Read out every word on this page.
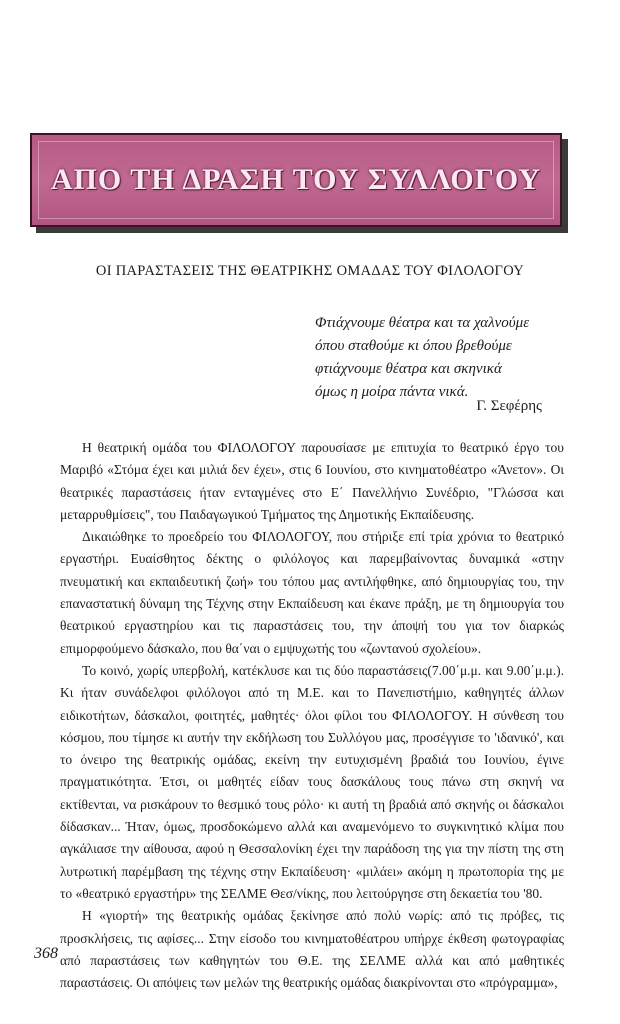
ΑΠΟ ΤΗ ΔΡΑΣΗ ΤΟΥ ΣΥΛΛΟΓΟΥ
ΟΙ ΠΑΡΑΣΤΑΣΕΙΣ ΤΗΣ ΘΕΑΤΡΙΚΗΣ ΟΜΑΔΑΣ ΤΟΥ ΦΙΛΟΛΟΓΟΥ
Φτιάχνουμε θέατρα και τα χαλνούμε
όπου σταθούμε κι όπου βρεθούμε
φτιάχνουμε θέατρα και σκηνικά
όμως η μοίρα πάντα νικά.
Γ. Σεφέρης

Η θεατρική ομάδα του ΦΙΛΟΛΟΓΟΥ παρουσίασε με επιτυχία το θεατρικό έργο του Μαριβό «Στόμα έχει και μιλιά δεν έχει», στις 6 Ιουνίου, στο κινηματοθέατρο «Άνετον». Οι θεατρικές παραστάσεις ήταν ενταγμένες στο Ε΄ Πανελλήνιο Συνέδριο, "Γλώσσα και μεταρρυθμίσεις", του Παιδαγωγικού Τμήματος της Δημοτικής Εκπαίδευσης.

Δικαιώθηκε το προεδρείο του ΦΙΛΟΛΟΓΟΥ, που στήριξε επί τρία χρόνια το θεατρικό εργαστήρι. Ευαίσθητος δέκτης ο φιλόλογος και παρεμβαίνοντας δυναμικά «στην πνευματική και εκπαιδευτική ζωή» του τόπου μας αντιλήφθηκε, από δημιουργίας του, την επαναστατική δύναμη της Τέχνης στην Εκπαίδευση και έκανε πράξη, με τη δημιουργία του θεατρικού εργαστηρίου και τις παραστάσεις του, την άποψή του για τον διαρκώς επιμορφούμενο δάσκαλο, που θα΄ναι ο εμψυχωτής του «ζωντανού σχολείου».

Το κοινό, χωρίς υπερβολή, κατέκλυσε και τις δύο παραστάσεις(7.00΄μ.μ. και 9.00΄μ.μ.). Κι ήταν συνάδελφοι φιλόλογοι από τη Μ.Ε. και το Πανεπιστήμιο, καθηγητές άλλων ειδικοτήτων, δάσκαλοι, φοιτητές, μαθητές· όλοι φίλοι του ΦΙΛΟΛΟΓΟΥ. Η σύνθεση του κόσμου, που τίμησε κι αυτήν την εκδήλωση του Συλλόγου μας, προσέγγισε το 'ιδανικό', και το όνειρο της θεατρικής ομάδας, εκείνη την ευτυχισμένη βραδιά του Ιουνίου, έγινε πραγματικότητα. Έτσι, οι μαθητές είδαν τους δασκάλους τους πάνω στη σκηνή να εκτίθενται, να ρισκάρουν το θεσμικό τους ρόλο· κι αυτή τη βραδιά από σκηνής οι δάσκαλοι δίδασκαν... Ήταν, όμως, προσδοκώμενο αλλά και αναμενόμενο το συγκινητικό κλίμα που αγκάλιασε την αίθουσα, αφού η Θεσσαλονίκη έχει την παράδοση της για την πίστη της στη λυτρωτική παρέμβαση της τέχνης στην Εκπαίδευση· «μιλάει» ακόμη η πρωτοπορία της με το «θεατρικό εργαστήρι» της ΣΕΛΜΕ Θεσ/νίκης, που λειτούργησε στη δεκαετία του '80.

Η «γιορτή» της θεατρικής ομάδας ξεκίνησε από πολύ νωρίς: από τις πρόβες, τις προσκλήσεις, τις αφίσες... Στην είσοδο του κινηματοθέατρου υπήρχε έκθεση φωτογραφίας από παραστάσεις των καθηγητών του Θ.Ε. της ΣΕΛΜΕ αλλά και από μαθητικές παραστάσεις. Οι απόψεις των μελών της θεατρικής ομάδας διακρίνονται στο «πρόγραμμα»,

368
